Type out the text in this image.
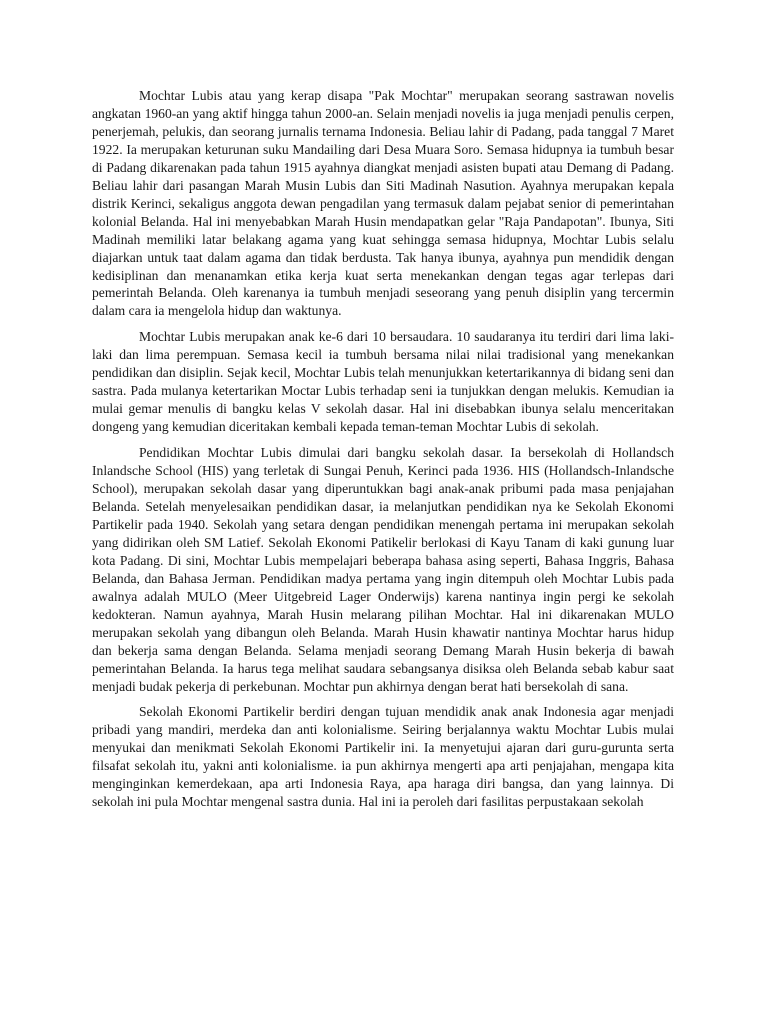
Mochtar Lubis atau yang kerap disapa "Pak Mochtar" merupakan seorang sastrawan novelis angkatan 1960-an yang aktif hingga tahun 2000-an. Selain menjadi novelis ia juga menjadi penulis cerpen, penerjemah, pelukis, dan seorang jurnalis ternama Indonesia. Beliau lahir di Padang, pada tanggal 7 Maret 1922. Ia merupakan keturunan suku Mandailing dari Desa Muara Soro. Semasa hidupnya ia tumbuh besar di Padang dikarenakan pada tahun 1915 ayahnya diangkat menjadi asisten bupati atau Demang di Padang. Beliau lahir dari pasangan Marah Musin Lubis dan Siti Madinah Nasution. Ayahnya merupakan kepala distrik Kerinci, sekaligus anggota dewan pengadilan yang termasuk dalam pejabat senior di pemerintahan kolonial Belanda. Hal ini menyebabkan Marah Husin mendapatkan gelar "Raja Pandapotan". Ibunya, Siti Madinah memiliki latar belakang agama yang kuat sehingga semasa hidupnya, Mochtar Lubis selalu diajarkan untuk taat dalam agama dan tidak berdusta. Tak hanya ibunya, ayahnya pun mendidik dengan kedisiplinan dan menanamkan etika kerja kuat serta menekankan dengan tegas agar terlepas dari pemerintah Belanda. Oleh karenanya ia tumbuh menjadi seseorang yang penuh disiplin yang tercermin dalam cara ia mengelola hidup dan waktunya.

Mochtar Lubis merupakan anak ke-6 dari 10 bersaudara. 10 saudaranya itu terdiri dari lima laki-laki dan lima perempuan. Semasa kecil ia tumbuh bersama nilai nilai tradisional yang menekankan pendidikan dan disiplin. Sejak kecil, Mochtar Lubis telah menunjukkan ketertarikannya di bidang seni dan sastra. Pada mulanya ketertarikan Moctar Lubis terhadap seni ia tunjukkan dengan melukis. Kemudian ia mulai gemar menulis di bangku kelas V sekolah dasar. Hal ini disebabkan ibunya selalu menceritakan dongeng yang kemudian diceritakan kembali kepada teman-teman Mochtar Lubis di sekolah.

Pendidikan Mochtar Lubis dimulai dari bangku sekolah dasar. Ia bersekolah di Hollandsch Inlandsche School (HIS) yang terletak di Sungai Penuh, Kerinci pada 1936. HIS (Hollandsch-Inlandsche School), merupakan sekolah dasar yang diperuntukkan bagi anak-anak pribumi pada masa penjajahan Belanda. Setelah menyelesaikan pendidikan dasar, ia melanjutkan pendidikan nya ke Sekolah Ekonomi Partikelir pada 1940. Sekolah yang setara dengan pendidikan menengah pertama ini merupakan sekolah yang didirikan oleh SM Latief. Sekolah Ekonomi Patikelir berlokasi di Kayu Tanam di kaki gunung luar kota Padang. Di sini, Mochtar Lubis mempelajari beberapa bahasa asing seperti, Bahasa Inggris, Bahasa Belanda, dan Bahasa Jerman. Pendidikan madya pertama yang ingin ditempuh oleh Mochtar Lubis pada awalnya adalah MULO (Meer Uitgebreid Lager Onderwijs) karena nantinya ingin pergi ke sekolah kedokteran. Namun ayahnya, Marah Husin melarang pilihan Mochtar. Hal ini dikarenakan MULO merupakan sekolah yang dibangun oleh Belanda. Marah Husin khawatir nantinya Mochtar harus hidup dan bekerja sama dengan Belanda. Selama menjadi seorang Demang Marah Husin bekerja di bawah pemerintahan Belanda. Ia harus tega melihat saudara sebangsanya disiksa oleh Belanda sebab kabur saat menjadi budak pekerja di perkebunan. Mochtar pun akhirnya dengan berat hati bersekolah di sana.

Sekolah Ekonomi Partikelir berdiri dengan tujuan mendidik anak anak Indonesia agar menjadi pribadi yang mandiri, merdeka dan anti kolonialisme. Seiring berjalannya waktu Mochtar Lubis mulai menyukai dan menikmati Sekolah Ekonomi Partikelir ini. Ia menyetujui ajaran dari guru-gurunta serta filsafat sekolah itu, yakni anti kolonialisme. ia pun akhirnya mengerti apa arti penjajahan, mengapa kita menginginkan kemerdekaan, apa arti Indonesia Raya, apa haraga diri bangsa, dan yang lainnya. Di sekolah ini pula Mochtar mengenal sastra dunia. Hal ini ia peroleh dari fasilitas perpustakaan sekolah
